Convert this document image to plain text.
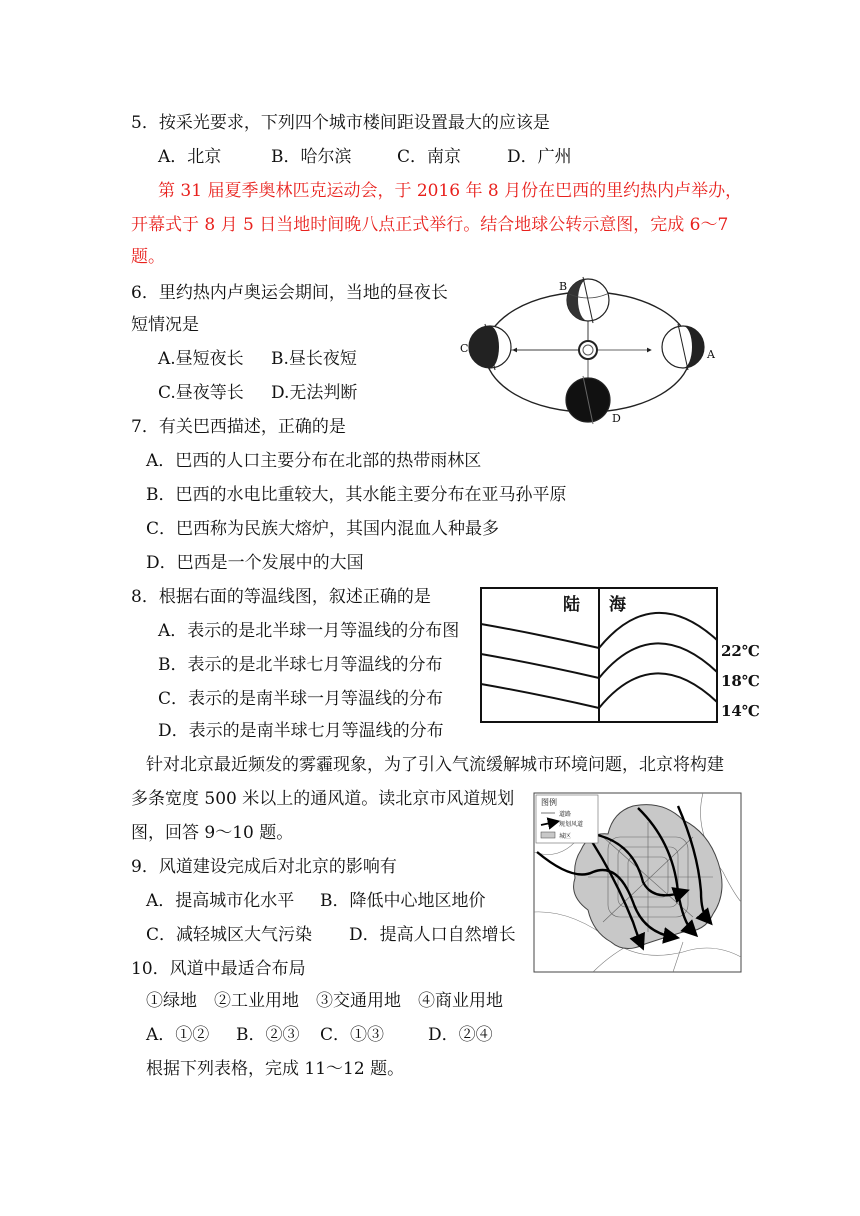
5．按采光要求，下列四个城市楼间距设置最大的应该是
A．北京	B．哈尔滨	C．南京	D．广州
第 31 届夏季奥林匹克运动会，于 2016 年 8 月份在巴西的里约热内卢举办，
开幕式于 8 月 5 日当地时间晚八点正式举行。结合地球公转示意图，完成 6～7
题。
6．里约热内卢奥运会期间，当地的昼夜长
短情况是
A.昼短夜长 B.昼长夜短
C.昼夜等长 D.无法判断
B
C	A
D
7．有关巴西描述，正确的是
A．巴西的人口主要分布在北部的热带雨林区
B．巴西的水电比重较大，其水能主要分布在亚马孙平原
C．巴西称为民族大熔炉，其国内混血人种最多
D．巴西是一个发展中的大国
8．根据右面的等温线图，叙述正确的是
A．表示的是北半球一月等温线的分布图
B．表示的是北半球七月等温线的分布
C．表示的是南半球一月等温线的分布
D．表示的是南半球七月等温线的分布
陆 海
22℃
18℃
14℃
针对北京最近频发的雾霾现象，为了引入气流缓解城市环境问题，北京将构建
多条宽度 500 米以上的通风道。读北京市风道规划
图，回答 9～10 题。
图例
道路
规划风道
城区
9．风道建设完成后对北京的影响有
A．提高城市化水平 B．降低中心地区地价
C．减轻城区大气污染 D．提高人口自然增长
10．风道中最适合布局
①绿地　②工业用地　③交通用地　④商业用地
A．①② B．②③ C．①③	D．②④
根据下列表格，完成 11～12 题。
